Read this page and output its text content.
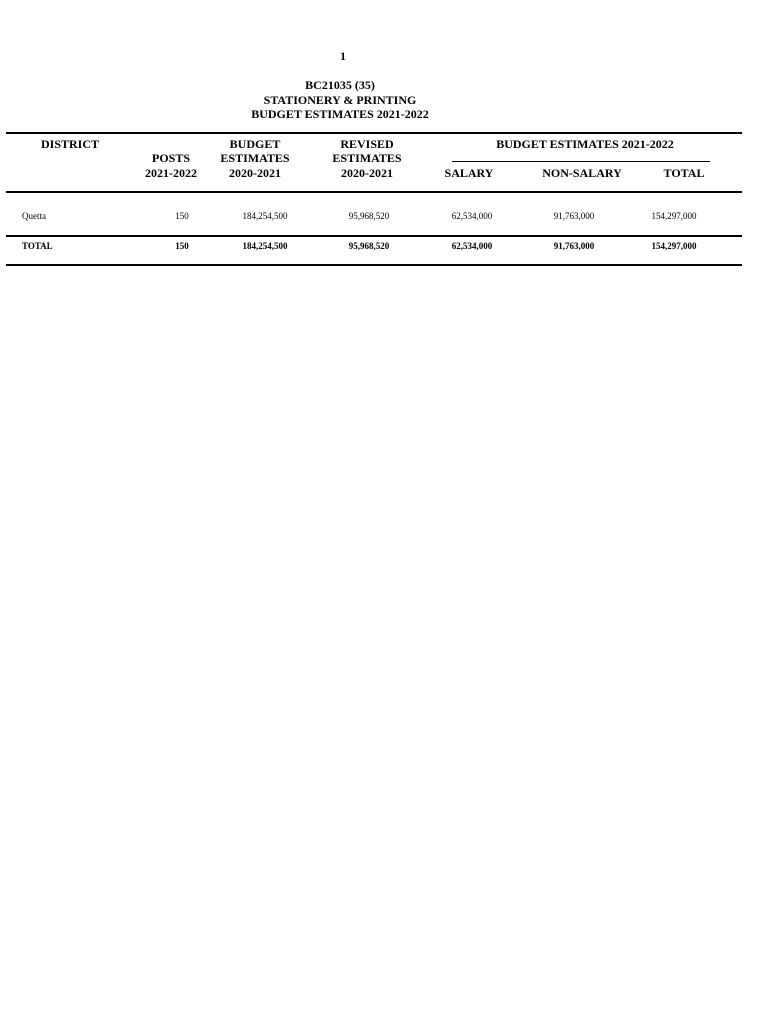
1
BC21035 (35)
STATIONERY & PRINTING
BUDGET ESTIMATES 2021-2022
DISTRICT
POSTS
2021-2022
BUDGET
ESTIMATES
2020-2021
REVISED
ESTIMATES
2020-2021
BUDGET ESTIMATES 2021-2022
SALARY	NON-SALARY	TOTAL
Quetta	150	184,254,500	95,968,520	62,534,000	91,763,000	154,297,000
TOTAL	150	184,254,500	95,968,520	62,534,000	91,763,000	154,297,000
